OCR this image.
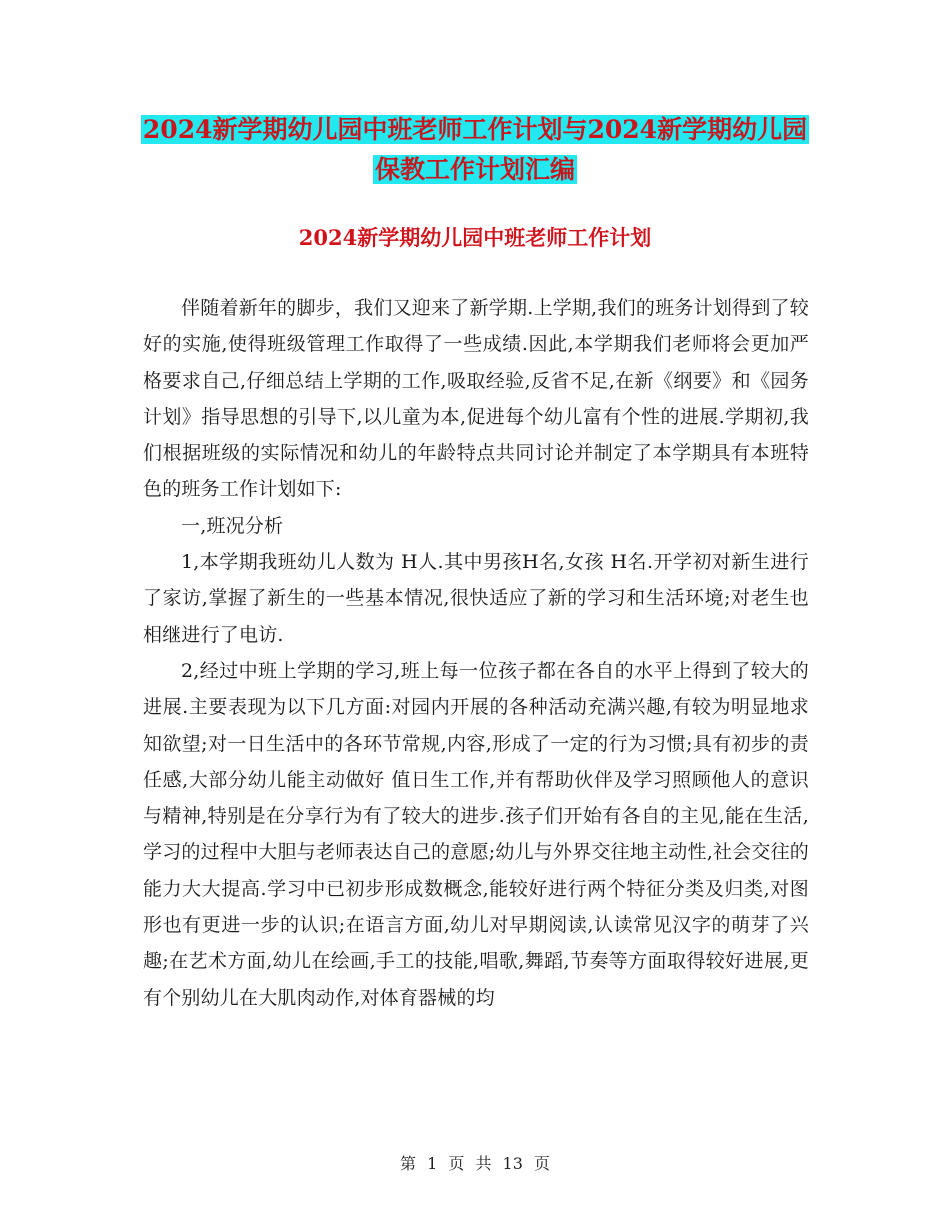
2024新学期幼儿园中班老师工作计划与2024新学期幼儿园保教工作计划汇编
2024新学期幼儿园中班老师工作计划

伴随着新年的脚步，我们又迎来了新学期.上学期,我们的班务计划得到了较好的实施,使得班级管理工作取得了一些成绩.因此,本学期我们老师将会更加严格要求自己,仔细总结上学期的工作,吸取经验,反省不足,在新《纲要》和《园务计划》指导思想的引导下,以儿童为本,促进每个幼儿富有个性的进展.学期初,我们根据班级的实际情况和幼儿的年龄特点共同讨论并制定了本学期具有本班特色的班务工作计划如下:

一,班况分析

1,本学期我班幼儿人数为 H人.其中男孩H名,女孩 H名.开学初对新生进行了家访,掌握了新生的一些基本情况,很快适应了新的学习和生活环境;对老生也相继进行了电访.

2,经过中班上学期的学习,班上每一位孩子都在各自的水平上得到了较大的进展.主要表现为以下几方面:对园内开展的各种活动充满兴趣,有较为明显地求知欲望;对一日生活中的各环节常规,内容,形成了一定的行为习惯;具有初步的责任感,大部分幼儿能主动做好 值日生工作,并有帮助伙伴及学习照顾他人的意识与精神,特别是在分享行为有了较大的进步.孩子们开始有各自的主见,能在生活,学习的过程中大胆与老师表达自己的意愿;幼儿与外界交往地主动性,社会交往的能力大大提高.学习中已初步形成数概念,能较好进行两个特征分类及归类,对图形也有更进一步的认识;在语言方面,幼儿对早期阅读,认读常见汉字的萌芽了兴趣;在艺术方面,幼儿在绘画,手工的技能,唱歌,舞蹈,节奏等方面取得较好进展,更有个别幼儿在大肌肉动作,对体育器械的均

第 1 页 共 13 页
